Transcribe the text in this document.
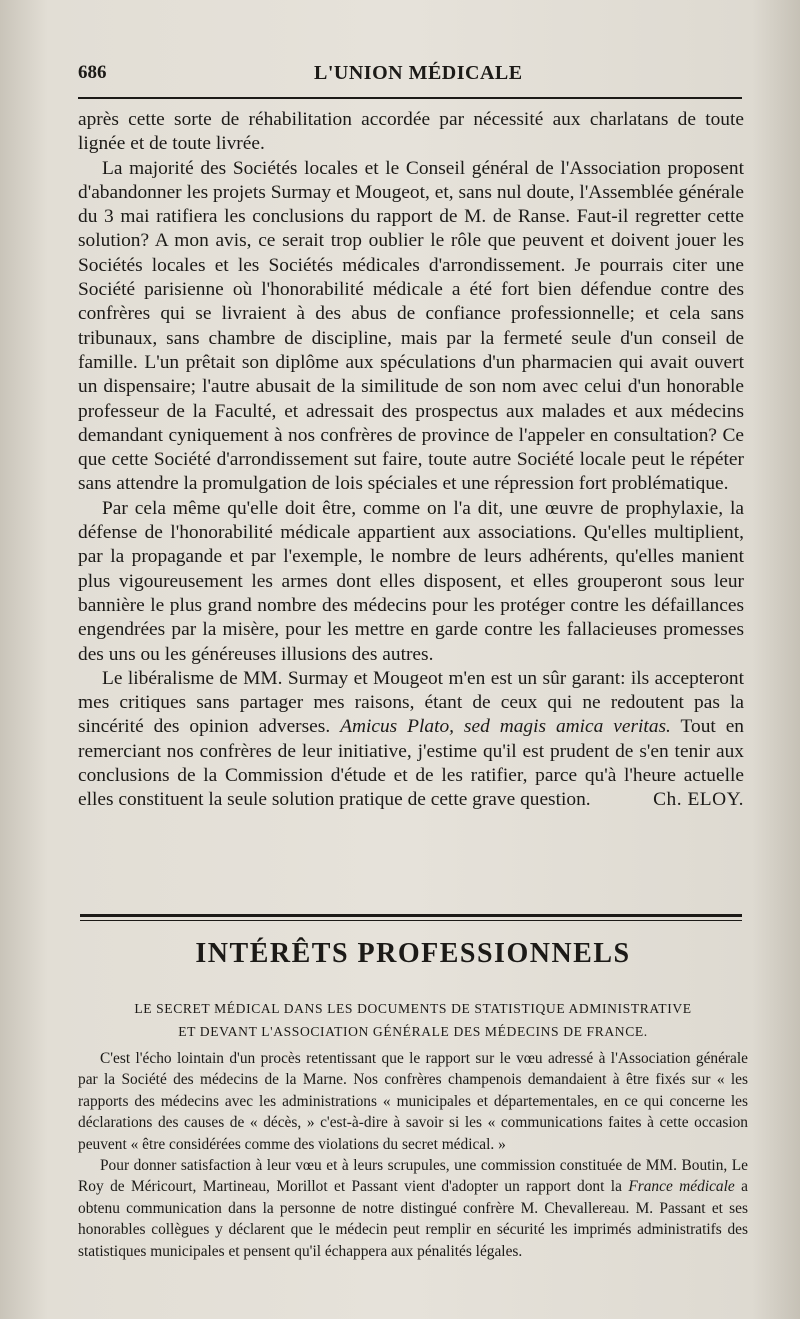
686	L'UNION MÉDICALE

après cette sorte de réhabilitation accordée par nécessité aux charlatans de toute lignée et de toute livrée.

La majorité des Sociétés locales et le Conseil général de l'Association proposent d'abandonner les projets Surmay et Mougeot, et, sans nul doute, l'Assemblée générale du 3 mai ratifiera les conclusions du rapport de M. de Ranse. Faut-il regretter cette solution? A mon avis, ce serait trop oublier le rôle que peuvent et doivent jouer les Sociétés locales et les Sociétés médicales d'arrondissement. Je pourrais citer une Société parisienne où l'honorabilité médicale a été fort bien défendue contre des confrères qui se livraient à des abus de confiance professionnelle; et cela sans tribunaux, sans chambre de discipline, mais par la fermeté seule d'un conseil de famille. L'un prêtait son diplôme aux spéculations d'un pharmacien qui avait ouvert un dispensaire; l'autre abusait de la similitude de son nom avec celui d'un honorable professeur de la Faculté, et adressait des prospectus aux malades et aux médecins demandant cyniquement à nos confrères de province de l'appeler en consultation? Ce que cette Société d'arrondissement sut faire, toute autre Société locale peut le répéter sans attendre la promulgation de lois spéciales et une répression fort problématique.

Par cela même qu'elle doit être, comme on l'a dit, une œuvre de prophylaxie, la défense de l'honorabilité médicale appartient aux associations. Qu'elles multiplient, par la propagande et par l'exemple, le nombre de leurs adhérents, qu'elles manient plus vigoureusement les armes dont elles disposent, et elles grouperont sous leur bannière le plus grand nombre des médecins pour les protéger contre les défaillances engendrées par la misère, pour les mettre en garde contre les fallacieuses promesses des uns ou les généreuses illusions des autres.

Le libéralisme de MM. Surmay et Mougeot m'en est un sûr garant: ils accepteront mes critiques sans partager mes raisons, étant de ceux qui ne redoutent pas la sincérité des opinion adverses. Amicus Plato, sed magis amica veritas. Tout en remerciant nos confrères de leur initiative, j'estime qu'il est prudent de s'en tenir aux conclusions de la Commission d'étude et de les ratifier, parce qu'à l'heure actuelle elles constituent la seule solution pratique de cette grave question.	Ch. ELOY.

INTÉRÊTS PROFESSIONNELS
LE SECRET MÉDICAL DANS LES DOCUMENTS DE STATISTIQUE ADMINISTRATIVE
ET DEVANT L'ASSOCIATION GÉNÉRALE DES MÉDECINS DE FRANCE.

C'est l'écho lointain d'un procès retentissant que le rapport sur le vœu adressé à l'Association générale par la Société des médecins de la Marne. Nos confrères champenois demandaient à être fixés sur « les rapports des médecins avec les administrations « municipales et départementales, en ce qui concerne les déclarations des causes de « décès, » c'est-à-dire à savoir si les « communications faites à cette occasion peuvent « être considérées comme des violations du secret médical. »

Pour donner satisfaction à leur vœu et à leurs scrupules, une commission constituée de MM. Boutin, Le Roy de Méricourt, Martineau, Morillot et Passant vient d'adopter un rapport dont la France médicale a obtenu communication dans la personne de notre distingué confrère M. Chevallereau. M. Passant et ses honorables collègues y déclarent que le médecin peut remplir en sécurité les imprimés administratifs des statistiques municipales et pensent qu'il échappera aux pénalités légales.
